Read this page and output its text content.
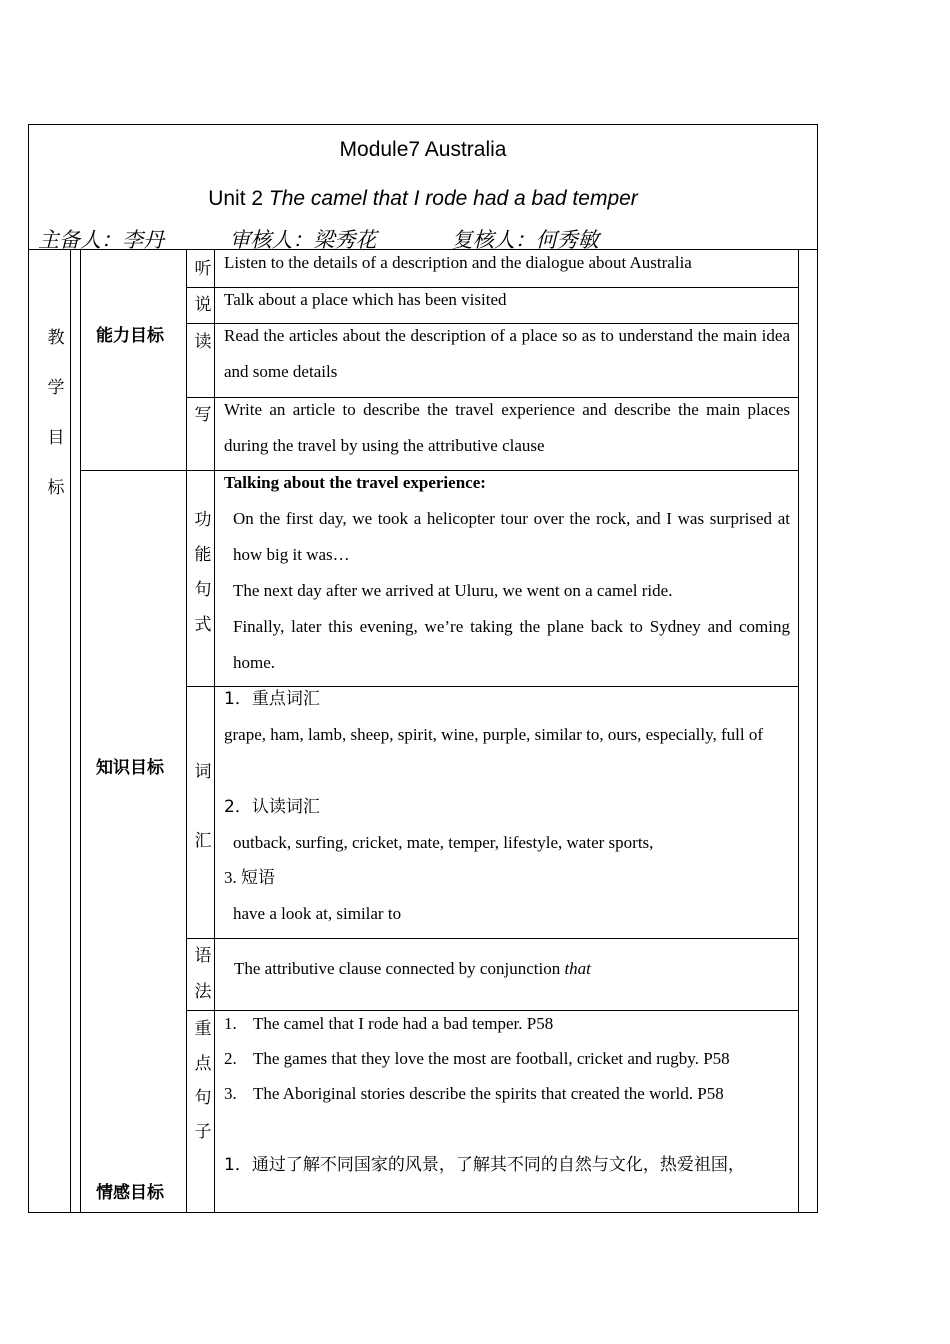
Module7 Australia
Unit 2 The camel that I rode had a bad temper
主备人：李丹	审核人：梁秀花	复核人：何秀敏
教
学
目
标
能力目标
知识目标
情感目标
听
说
读
写
Listen to the details of a description and the dialogue about Australia
Talk about a place which has been visited
Read the articles about the description of a place so as to understand the main idea and some details
Write an article to describe the travel experience and describe the main places during the travel by using the attributive clause
功
能
句
式
Talking about the travel experience:
On the first day, we took a helicopter tour over the rock, and I was surprised at how big it was…
The next day after we arrived at Uluru, we went on a camel ride.
Finally, later this evening, we’re taking the plane back to Sydney and coming home.
词
汇
1．重点词汇
grape, ham, lamb, sheep, spirit, wine, purple, similar to, ours, especially, full of
2．认读词汇
outback, surfing, cricket, mate, temper, lifestyle, water sports,
3. 短语
have a look at, similar to
语
法
The attributive clause connected by conjunction that
重
点
句
子
1. The camel that I rode had a bad temper. P58
2. The games that they love the most are football, cricket and rugby. P58
3. The Aboriginal stories describe the spirits that created the world. P58
1．通过了解不同国家的风景，了解其不同的自然与文化，热爱祖国，
